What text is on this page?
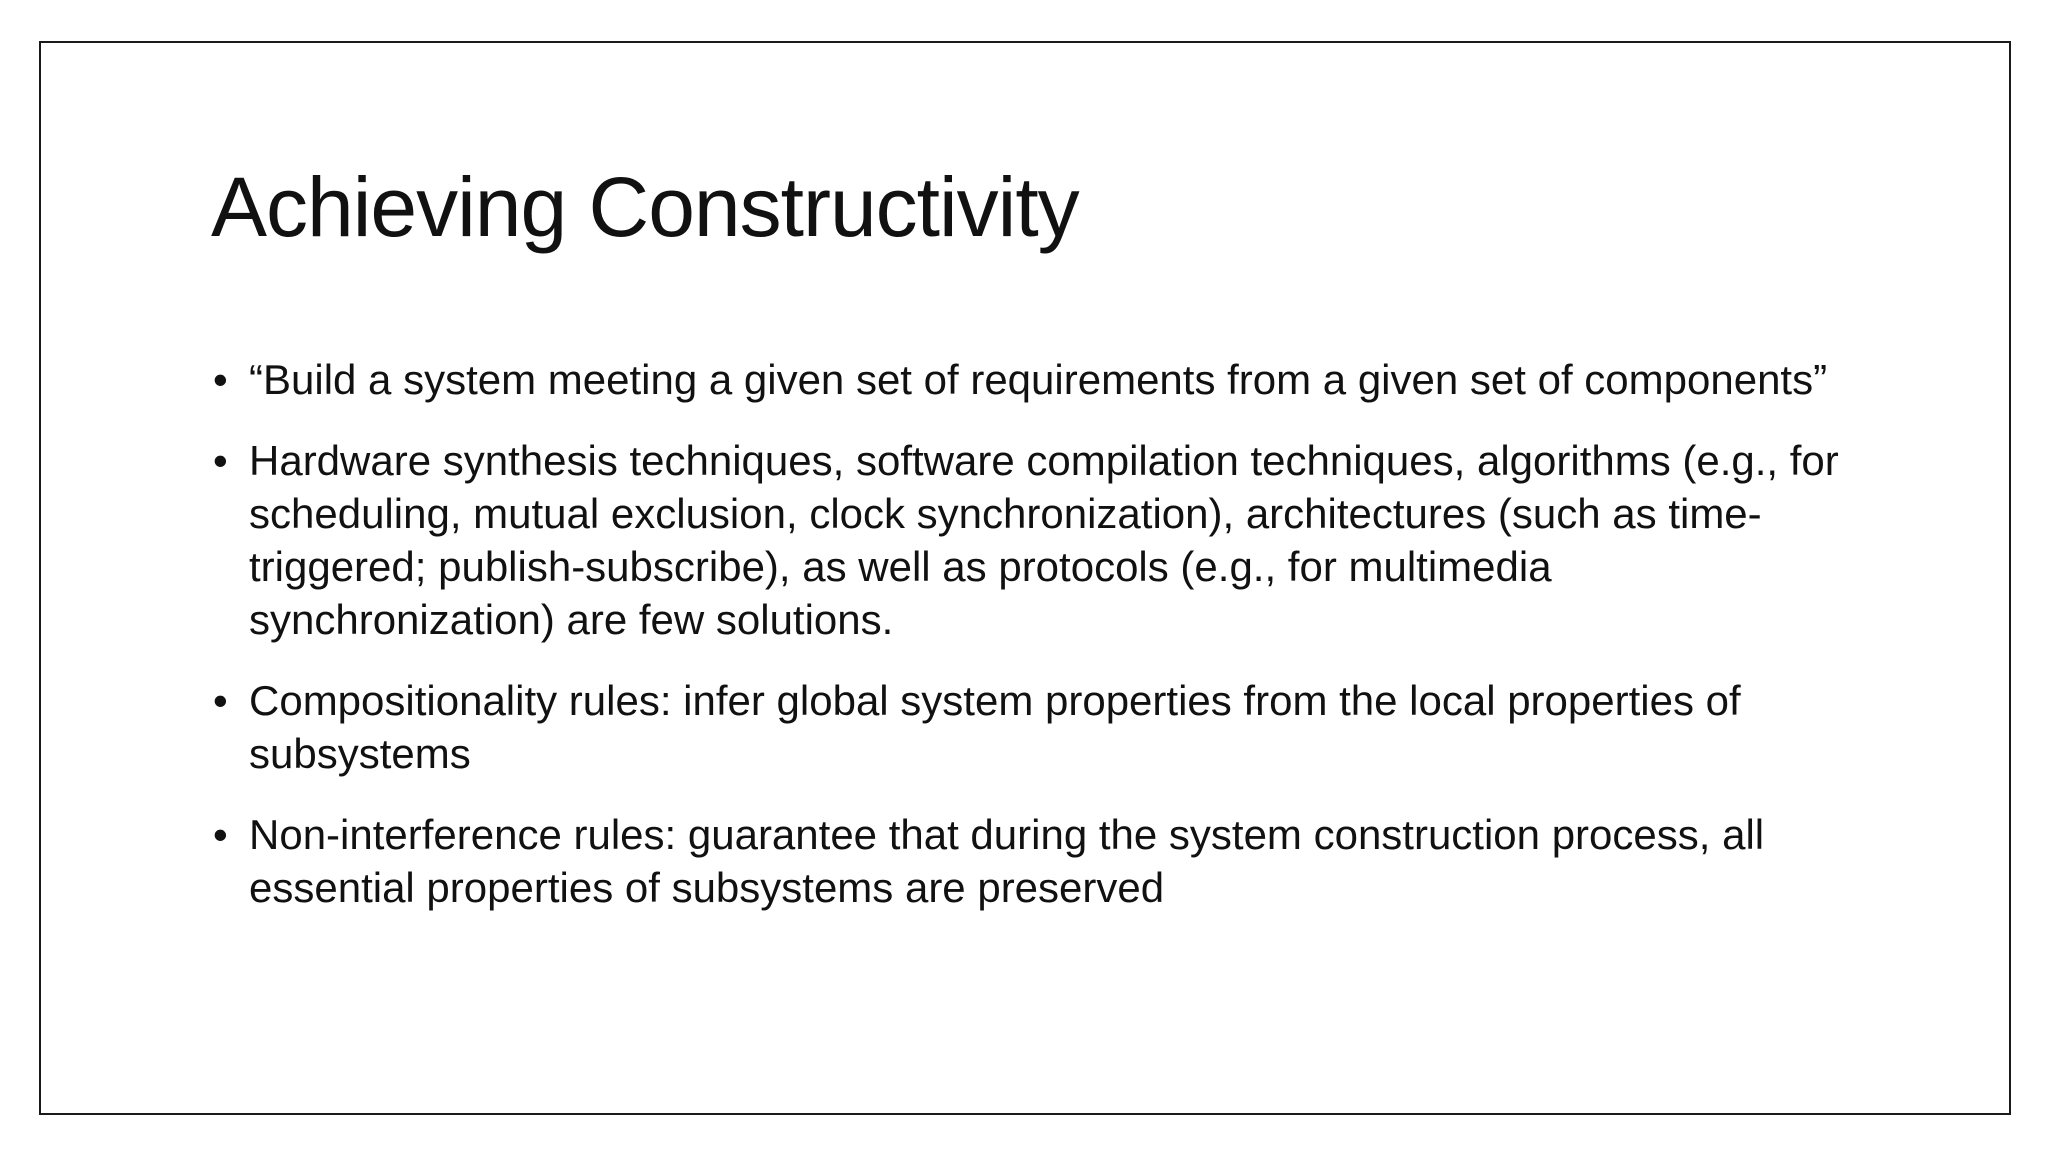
Achieving Constructivity
• “Build a system meeting a given set of requirements from a given set of components”
• Hardware synthesis techniques, software compilation techniques, algorithms (e.g., for scheduling, mutual exclusion, clock synchronization), architectures (such as time-triggered; publish-subscribe), as well as protocols (e.g., for multimedia synchronization) are few solutions.
• Compositionality rules: infer global system properties from the local properties of subsystems
• Non-interference rules: guarantee that during the system construction process, all essential properties of subsystems are preserved
